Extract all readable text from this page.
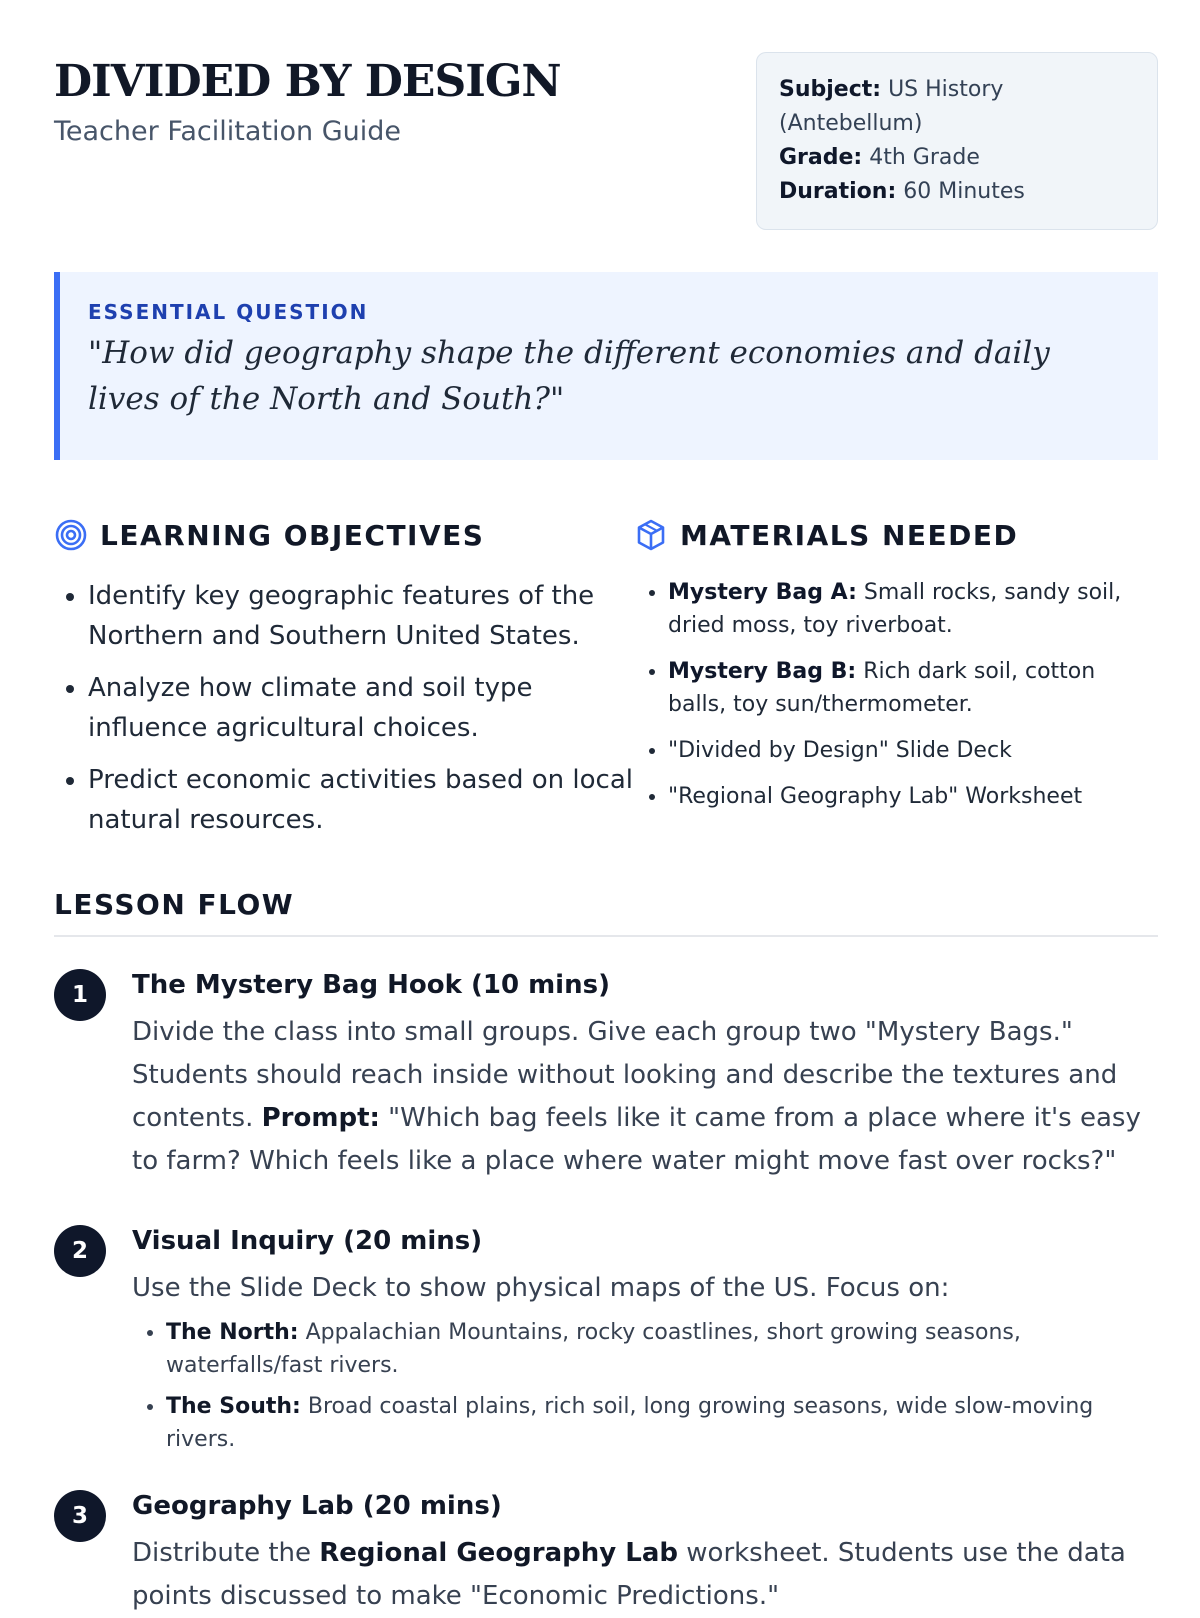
DIVIDED BY DESIGN
Teacher Facilitation Guide
Subject: US History (Antebellum)
Grade: 4th Grade
Duration: 60 Minutes
ESSENTIAL QUESTION
"How did geography shape the different economies and daily lives of the North and South?"
LEARNING OBJECTIVES
• Identify key geographic features of the Northern and Southern United States.
• Analyze how climate and soil type influence agricultural choices.
• Predict economic activities based on local natural resources.
MATERIALS NEEDED
• Mystery Bag A: Small rocks, sandy soil, dried moss, toy riverboat.
• Mystery Bag B: Rich dark soil, cotton balls, toy sun/thermometer.
• "Divided by Design" Slide Deck
• "Regional Geography Lab" Worksheet
LESSON FLOW
1	The Mystery Bag Hook (10 mins)
Divide the class into small groups. Give each group two "Mystery Bags." Students should reach inside without looking and describe the textures and contents. Prompt: "Which bag feels like it came from a place where it's easy to farm? Which feels like a place where water might move fast over rocks?"
2	Visual Inquiry (20 mins)
Use the Slide Deck to show physical maps of the US. Focus on:
• The North: Appalachian Mountains, rocky coastlines, short growing seasons, waterfalls/fast rivers.
• The South: Broad coastal plains, rich soil, long growing seasons, wide slow-moving rivers.
3	Geography Lab (20 mins)
Distribute the Regional Geography Lab worksheet. Students use the data points discussed to make "Economic Predictions."
